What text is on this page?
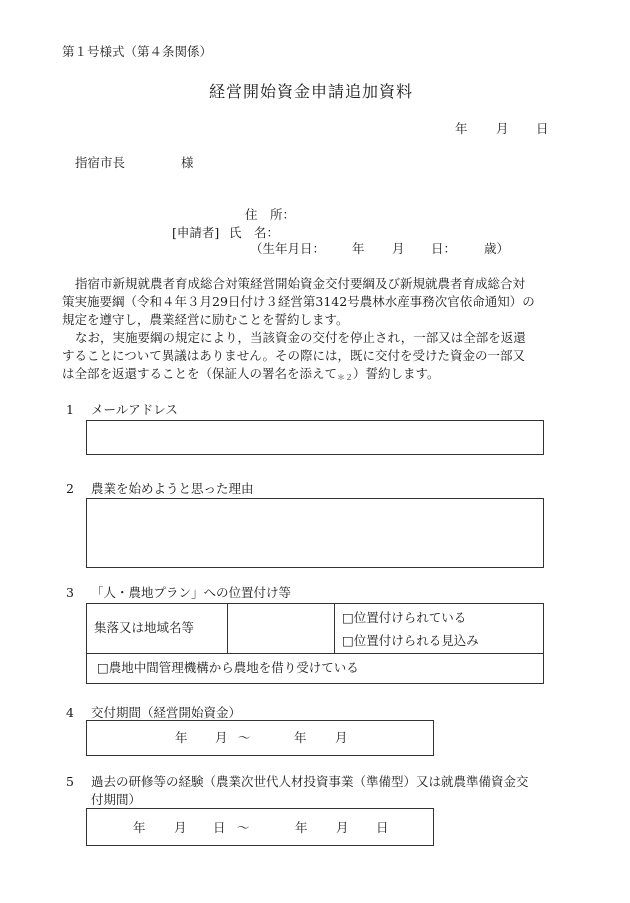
第１号様式（第４条関係）
経営開始資金申請追加資料
年 月 日
指宿市長	様
住　所：
[申請者] 氏　名：
（生年月日： 年 月 日： 歳）
指宿市新規就農者育成総合対策経営開始資金交付要綱及び新規就農者育成総合対
策実施要綱（令和４年３月29日付け３経営第3142号農林水産事務次官依命通知）の
規定を遵守し，農業経営に励むことを誓約します。
なお，実施要綱の規定により，当該資金の交付を停止され，一部又は全部を返還
することについて異議はありません。その際には，既に交付を受けた資金の一部又
は全部を返還することを（保証人の署名を添えて$_{*2}$）誓約します。
1 メールアドレス
2 農業を始めようと思った理由
3 「人・農地プラン」への位置付け等
集落又は地域名等		□位置付けられている
□位置付けられる見込み
□農地中間管理機構から農地を借り受けている
4 交付期間（経営開始資金）
年 月 ～	年 月
5 過去の研修等の経験（農業次世代人材投資事業（準備型）又は就農準備資金交
付期間）
年 月 日 ～	年 月 日
